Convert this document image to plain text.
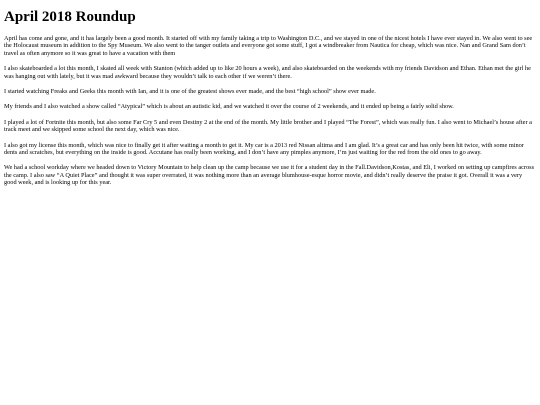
April 2018 Roundup

April has come and gone, and it has largely been a good month. It started off with my family taking a trip to Washington D.C., and we stayed in one of the nicest hotels I have ever stayed in. We also went to see the Holocaust museum in addition to the Spy Museum. We also went to the tanger outlets and everyone got some stuff, I got a windbreaker from Nautica for cheap, which was nice. Nan and Grand Sam don’t travel as often anymore so it was great to have a vacation with them

I also skateboarded a lot this month, I skated all week with Stanton (which added up to like 20 hours a week), and also skateboarded on the weekends with my friends Davidson and Ethan. Ethan met the girl he was hanging out with lately, but it was mad awkward because they wouldn’t talk to each other if we weren’t there.

I started watching Freaks and Geeks this month with Ian, and it is one of the greatest shows ever made, and the best “high school” show ever made.

My friends and I also watched a show called “Atypical” which is about an autistic kid, and we watched it over the course of 2 weekends, and it ended up being a fairly solid show.

I played a lot of Fortnite this month, but also some Far Cry 5 and even Destiny 2 at the end of the month. My little brother and I played “The Forest”, which was really fun. I also went to Michael’s house after a track meet and we skipped some school the next day, which was nice.

I also got my license this month, which was nice to finally get it after waiting a month to get it. My car is a 2013 red Nissan altima and I am glad. It’s a great car and has only been hit twice, with some minor dents and scratches, but everything on the inside is good. Accutane has really been working, and I don’t have any pimples anymore, I’m just waiting for the red from the old ones to go away.

We had a school workday where we headed down to Victory Mountain to help clean up the camp because we use it for a student day in the Fall.Davidson,Kostas, and Eli, I worked on setting up campfires across the camp. I also saw “A Quiet Place” and thought it was super overrated, it was nothing more than an average blumhouse-esque horror movie, and didn’t really deserve the praise it got. Overall it was a very good week, and is looking up for this year.
